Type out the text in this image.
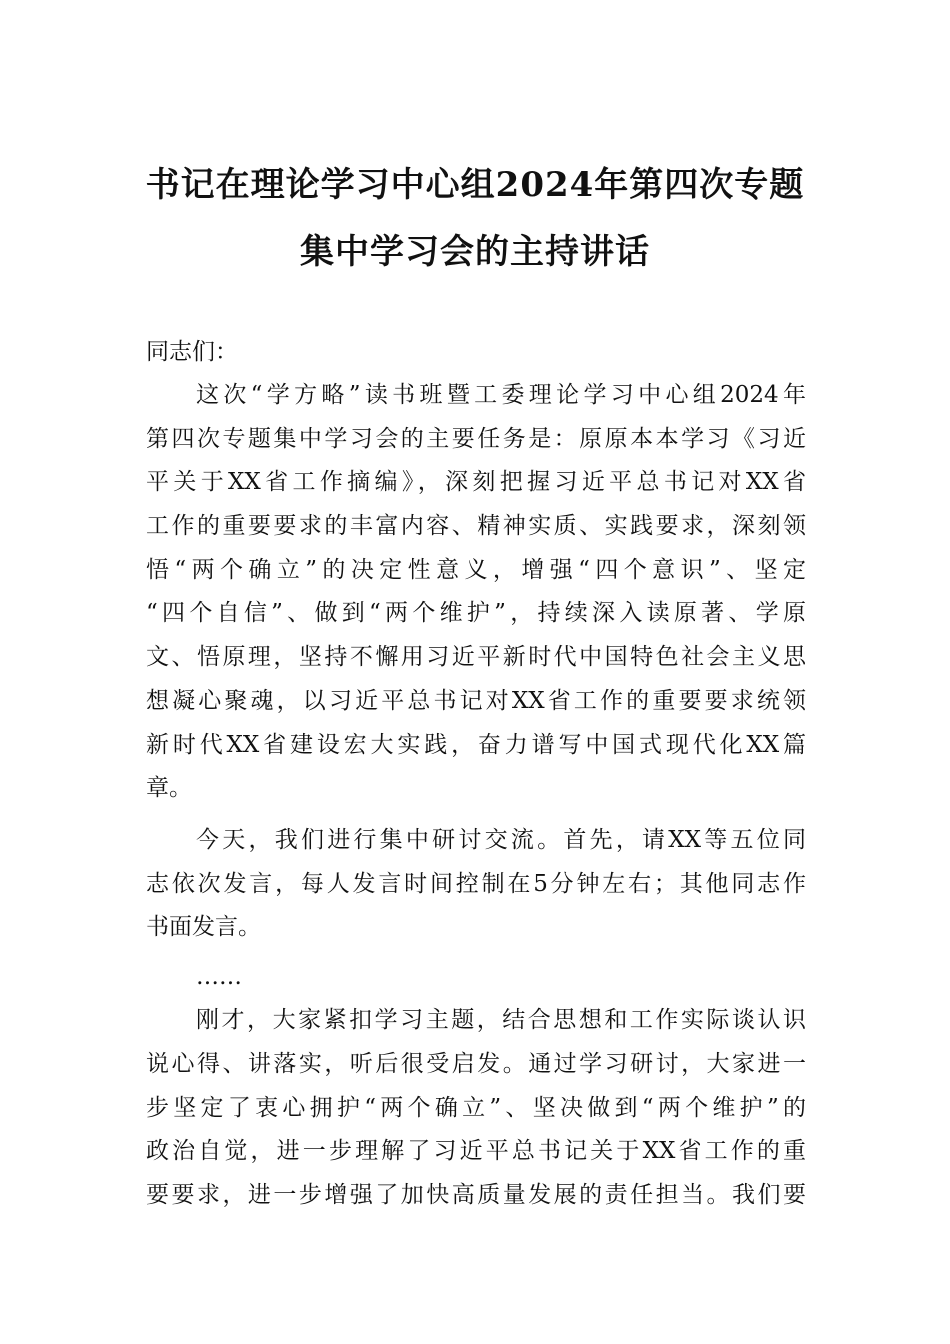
书记在理论学习中心组2024年第四次专题
集中学习会的主持讲话
同志们：
这次“学方略”读书班暨工委理论学习中心组2024年
第四次专题集中学习会的主要任务是：原原本本学习《习近
平关于XX省工作摘编》，深刻把握习近平总书记对XX省
工作的重要要求的丰富内容、精神实质、实践要求，深刻领
悟“两个确立”的决定性意义，增强“四个意识”、坚定
“四个自信”、做到“两个维护”，持续深入读原著、学原
文、悟原理，坚持不懈用习近平新时代中国特色社会主义思
想凝心聚魂，以习近平总书记对XX省工作的重要要求统领
新时代XX省建设宏大实践，奋力谱写中国式现代化XX篇
章。
今天，我们进行集中研讨交流。首先，请XX等五位同
志依次发言，每人发言时间控制在5分钟左右；其他同志作
书面发言。
……
刚才，大家紧扣学习主题，结合思想和工作实际谈认识
说心得、讲落实，听后很受启发。通过学习研讨，大家进一
步坚定了衷心拥护“两个确立”、坚决做到“两个维护”的
政治自觉，进一步理解了习近平总书记关于XX省工作的重
要要求，进一步增强了加快高质量发展的责任担当。我们要
